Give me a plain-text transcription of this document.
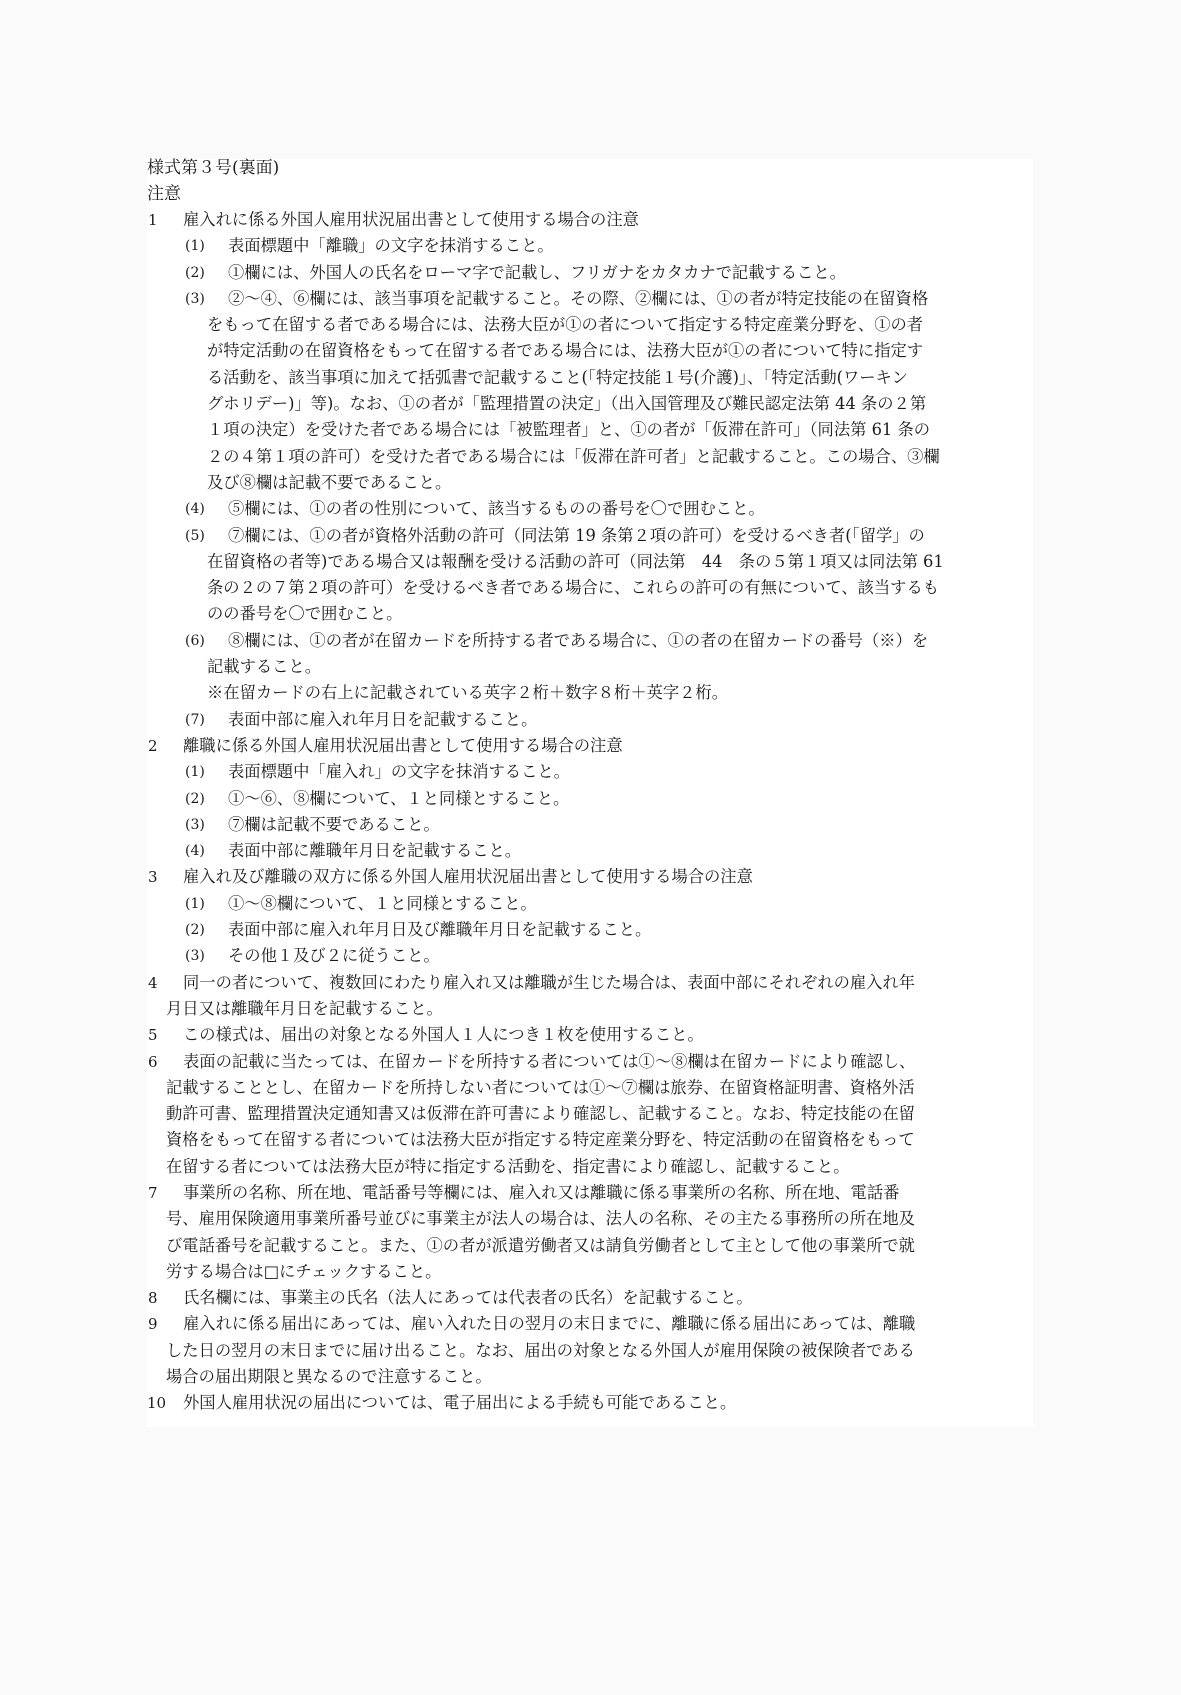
様式第３号(裏面)
注意
1	雇入れに係る外国人雇用状況届出書として使用する場合の注意
(1) 表面標題中「離職」の文字を抹消すること。
(2) ①欄には、外国人の氏名をローマ字で記載し、フリガナをカタカナで記載すること。
(3) ②～④、⑥欄には、該当事項を記載すること。その際、②欄には、①の者が特定技能の在留資格
をもって在留する者である場合には、法務大臣が①の者について指定する特定産業分野を、①の者
が特定活動の在留資格をもって在留する者である場合には、法務大臣が①の者について特に指定す
る活動を、該当事項に加えて括弧書で記載すること(「特定技能１号(介護)」、「特定活動(ワーキン
グホリデー)」等)。なお、①の者が「監理措置の決定」（出入国管理及び難民認定法第 44 条の２第
１項の決定）を受けた者である場合には「被監理者」と、①の者が「仮滞在許可」（同法第 61 条の
２の４第１項の許可）を受けた者である場合には「仮滞在許可者」と記載すること。この場合、③欄
及び⑧欄は記載不要であること。
(4) ⑤欄には、①の者の性別について、該当するものの番号を〇で囲むこと。
(5) ⑦欄には、①の者が資格外活動の許可（同法第 19 条第２項の許可）を受けるべき者(「留学」の
在留資格の者等)である場合又は報酬を受ける活動の許可（同法第　44　条の５第１項又は同法第 61
条の２の７第２項の許可）を受けるべき者である場合に、これらの許可の有無について、該当するも
のの番号を〇で囲むこと。
(6) ⑧欄には、①の者が在留カードを所持する者である場合に、①の者の在留カードの番号（※）を
記載すること。
※在留カードの右上に記載されている英字２桁＋数字８桁＋英字２桁。
(7) 表面中部に雇入れ年月日を記載すること。
2	離職に係る外国人雇用状況届出書として使用する場合の注意
(1) 表面標題中「雇入れ」の文字を抹消すること。
(2) ①～⑥、⑧欄について、１と同様とすること。
(3) ⑦欄は記載不要であること。
(4) 表面中部に離職年月日を記載すること。
3	雇入れ及び離職の双方に係る外国人雇用状況届出書として使用する場合の注意
(1) ①～⑧欄について、１と同様とすること。
(2) 表面中部に雇入れ年月日及び離職年月日を記載すること。
(3) その他１及び２に従うこと。
4	同一の者について、複数回にわたり雇入れ又は離職が生じた場合は、表面中部にそれぞれの雇入れ年
月日又は離職年月日を記載すること。
5	この様式は、届出の対象となる外国人１人につき１枚を使用すること。
6	表面の記載に当たっては、在留カードを所持する者については①～⑧欄は在留カードにより確認し、
記載することとし、在留カードを所持しない者については①～⑦欄は旅券、在留資格証明書、資格外活
動許可書、監理措置決定通知書又は仮滞在許可書により確認し、記載すること。なお、特定技能の在留
資格をもって在留する者については法務大臣が指定する特定産業分野を、特定活動の在留資格をもって
在留する者については法務大臣が特に指定する活動を、指定書により確認し、記載すること。
7	事業所の名称、所在地、電話番号等欄には、雇入れ又は離職に係る事業所の名称、所在地、電話番
号、雇用保険適用事業所番号並びに事業主が法人の場合は、法人の名称、その主たる事務所の所在地及
び電話番号を記載すること。また、①の者が派遣労働者又は請負労働者として主として他の事業所で就
労する場合は□にチェックすること。
8	氏名欄には、事業主の氏名（法人にあっては代表者の氏名）を記載すること。
9	雇入れに係る届出にあっては、雇い入れた日の翌月の末日までに、離職に係る届出にあっては、離職
した日の翌月の末日までに届け出ること。なお、届出の対象となる外国人が雇用保険の被保険者である
場合の届出期限と異なるので注意すること。
10 外国人雇用状況の届出については、電子届出による手続も可能であること。
